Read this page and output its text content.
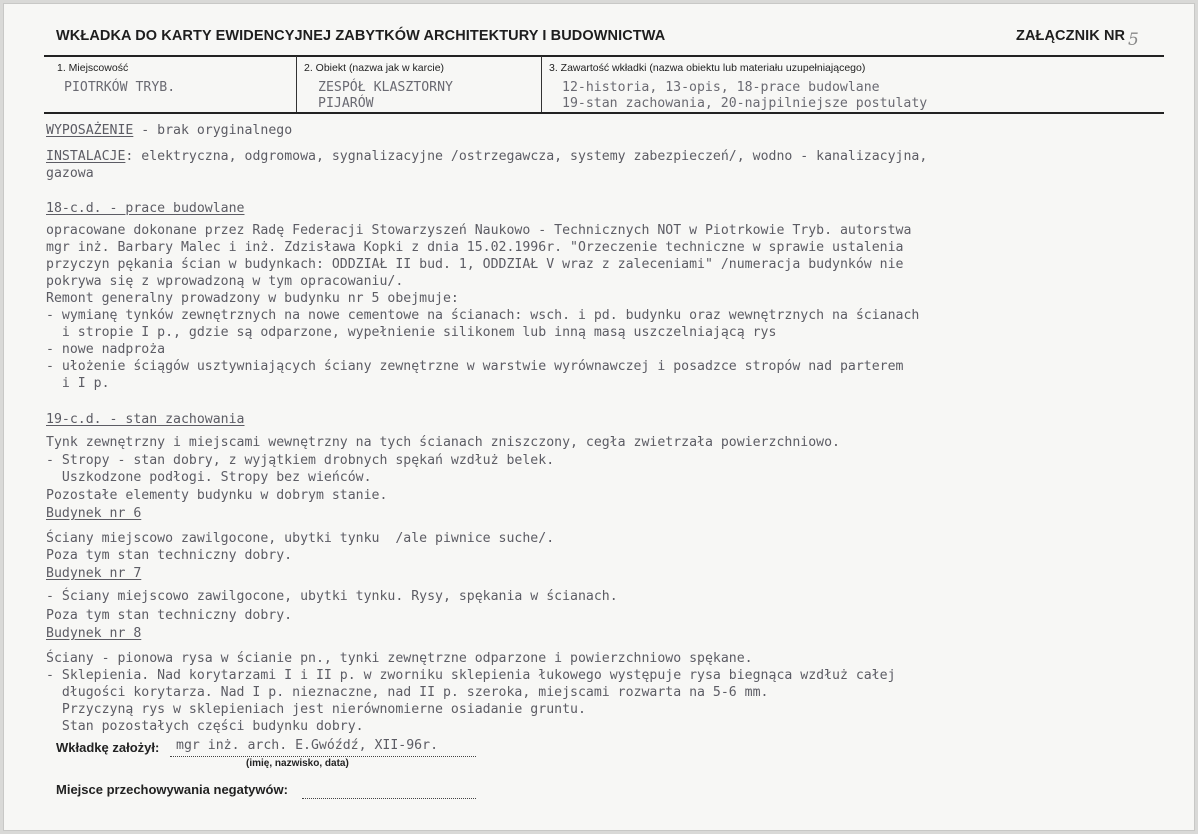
WKŁADKA DO KARTY EWIDENCYJNEJ ZABYTKÓW ARCHITEKTURY I BUDOWNICTWA	ZAŁĄCZNIK NR 5
1. Miejscowość
PIOTRKÓW TRYB.
2. Obiekt (nazwa jak w karcie)
ZESPÓŁ KLASZTORNY
PIJARÓW
3. Zawartość wkładki (nazwa obiektu lub materiału uzupełniającego)
12-historia, 13-opis, 18-prace budowlane
19-stan zachowania, 20-najpilniejsze postulaty
WYPOSAŻENIE - brak oryginalnego
INSTALACJE: elektryczna, odgromowa, sygnalizacyjne /ostrzegawcza, systemy zabezpieczeń/, wodno - kanalizacyjna,
gazowa
18-c.d. - prace budowlane
opracowane dokonane przez Radę Federacji Stowarzyszeń Naukowo - Technicznych NOT w Piotrkowie Tryb. autorstwa
mgr inż. Barbary Malec i inż. Zdzisława Kopki z dnia 15.02.1996r. "Orzeczenie techniczne w sprawie ustalenia
przyczyn pękania ścian w budynkach: ODDZIAŁ II bud. 1, ODDZIAŁ V wraz z zaleceniami" /numeracja budynków nie
pokrywa się z wprowadzoną w tym opracowaniu/.
Remont generalny prowadzony w budynku nr 5 obejmuje:
- wymianę tynków zewnętrznych na nowe cementowe na ścianach: wsch. i pd. budynku oraz wewnętrznych na ścianach
i stropie I p., gdzie są odparzone, wypełnienie silikonem lub inną masą uszczelniającą rys
- nowe nadproża
- ułożenie ściągów usztywniających ściany zewnętrzne w warstwie wyrównawczej i posadzce stropów nad parterem
i I p.
19-c.d. - stan zachowania
Tynk zewnętrzny i miejscami wewnętrzny na tych ścianach zniszczony, cegła zwietrzała powierzchniowo.
- Stropy - stan dobry, z wyjątkiem drobnych spękań wzdłuż belek.
Uszkodzone podłogi. Stropy bez wieńców.
Pozostałe elementy budynku w dobrym stanie.
Budynek nr 6
Ściany miejscowo zawilgocone, ubytki tynku  /ale piwnice suche/.
Poza tym stan techniczny dobry.
Budynek nr 7
- Ściany miejscowo zawilgocone, ubytki tynku. Rysy, spękania w ścianach.
Poza tym stan techniczny dobry.
Budynek nr 8
Ściany - pionowa rysa w ścianie pn., tynki zewnętrzne odparzone i powierzchniowo spękane.
- Sklepienia. Nad korytarzami I i II p. w zworniku sklepienia łukowego występuje rysa biegnąca wzdłuż całej
długości korytarza. Nad I p. nieznaczne, nad II p. szeroka, miejscami rozwarta na 5-6 mm.
Przyczyną rys w sklepieniach jest nierównomierne osiadanie gruntu.
Stan pozostałych części budynku dobry.
Wkładkę założył: mgr inż. arch. E.Gwóźdź, XII-96r.
(imię, nazwisko, data)
Miejsce przechowywania negatywów:
